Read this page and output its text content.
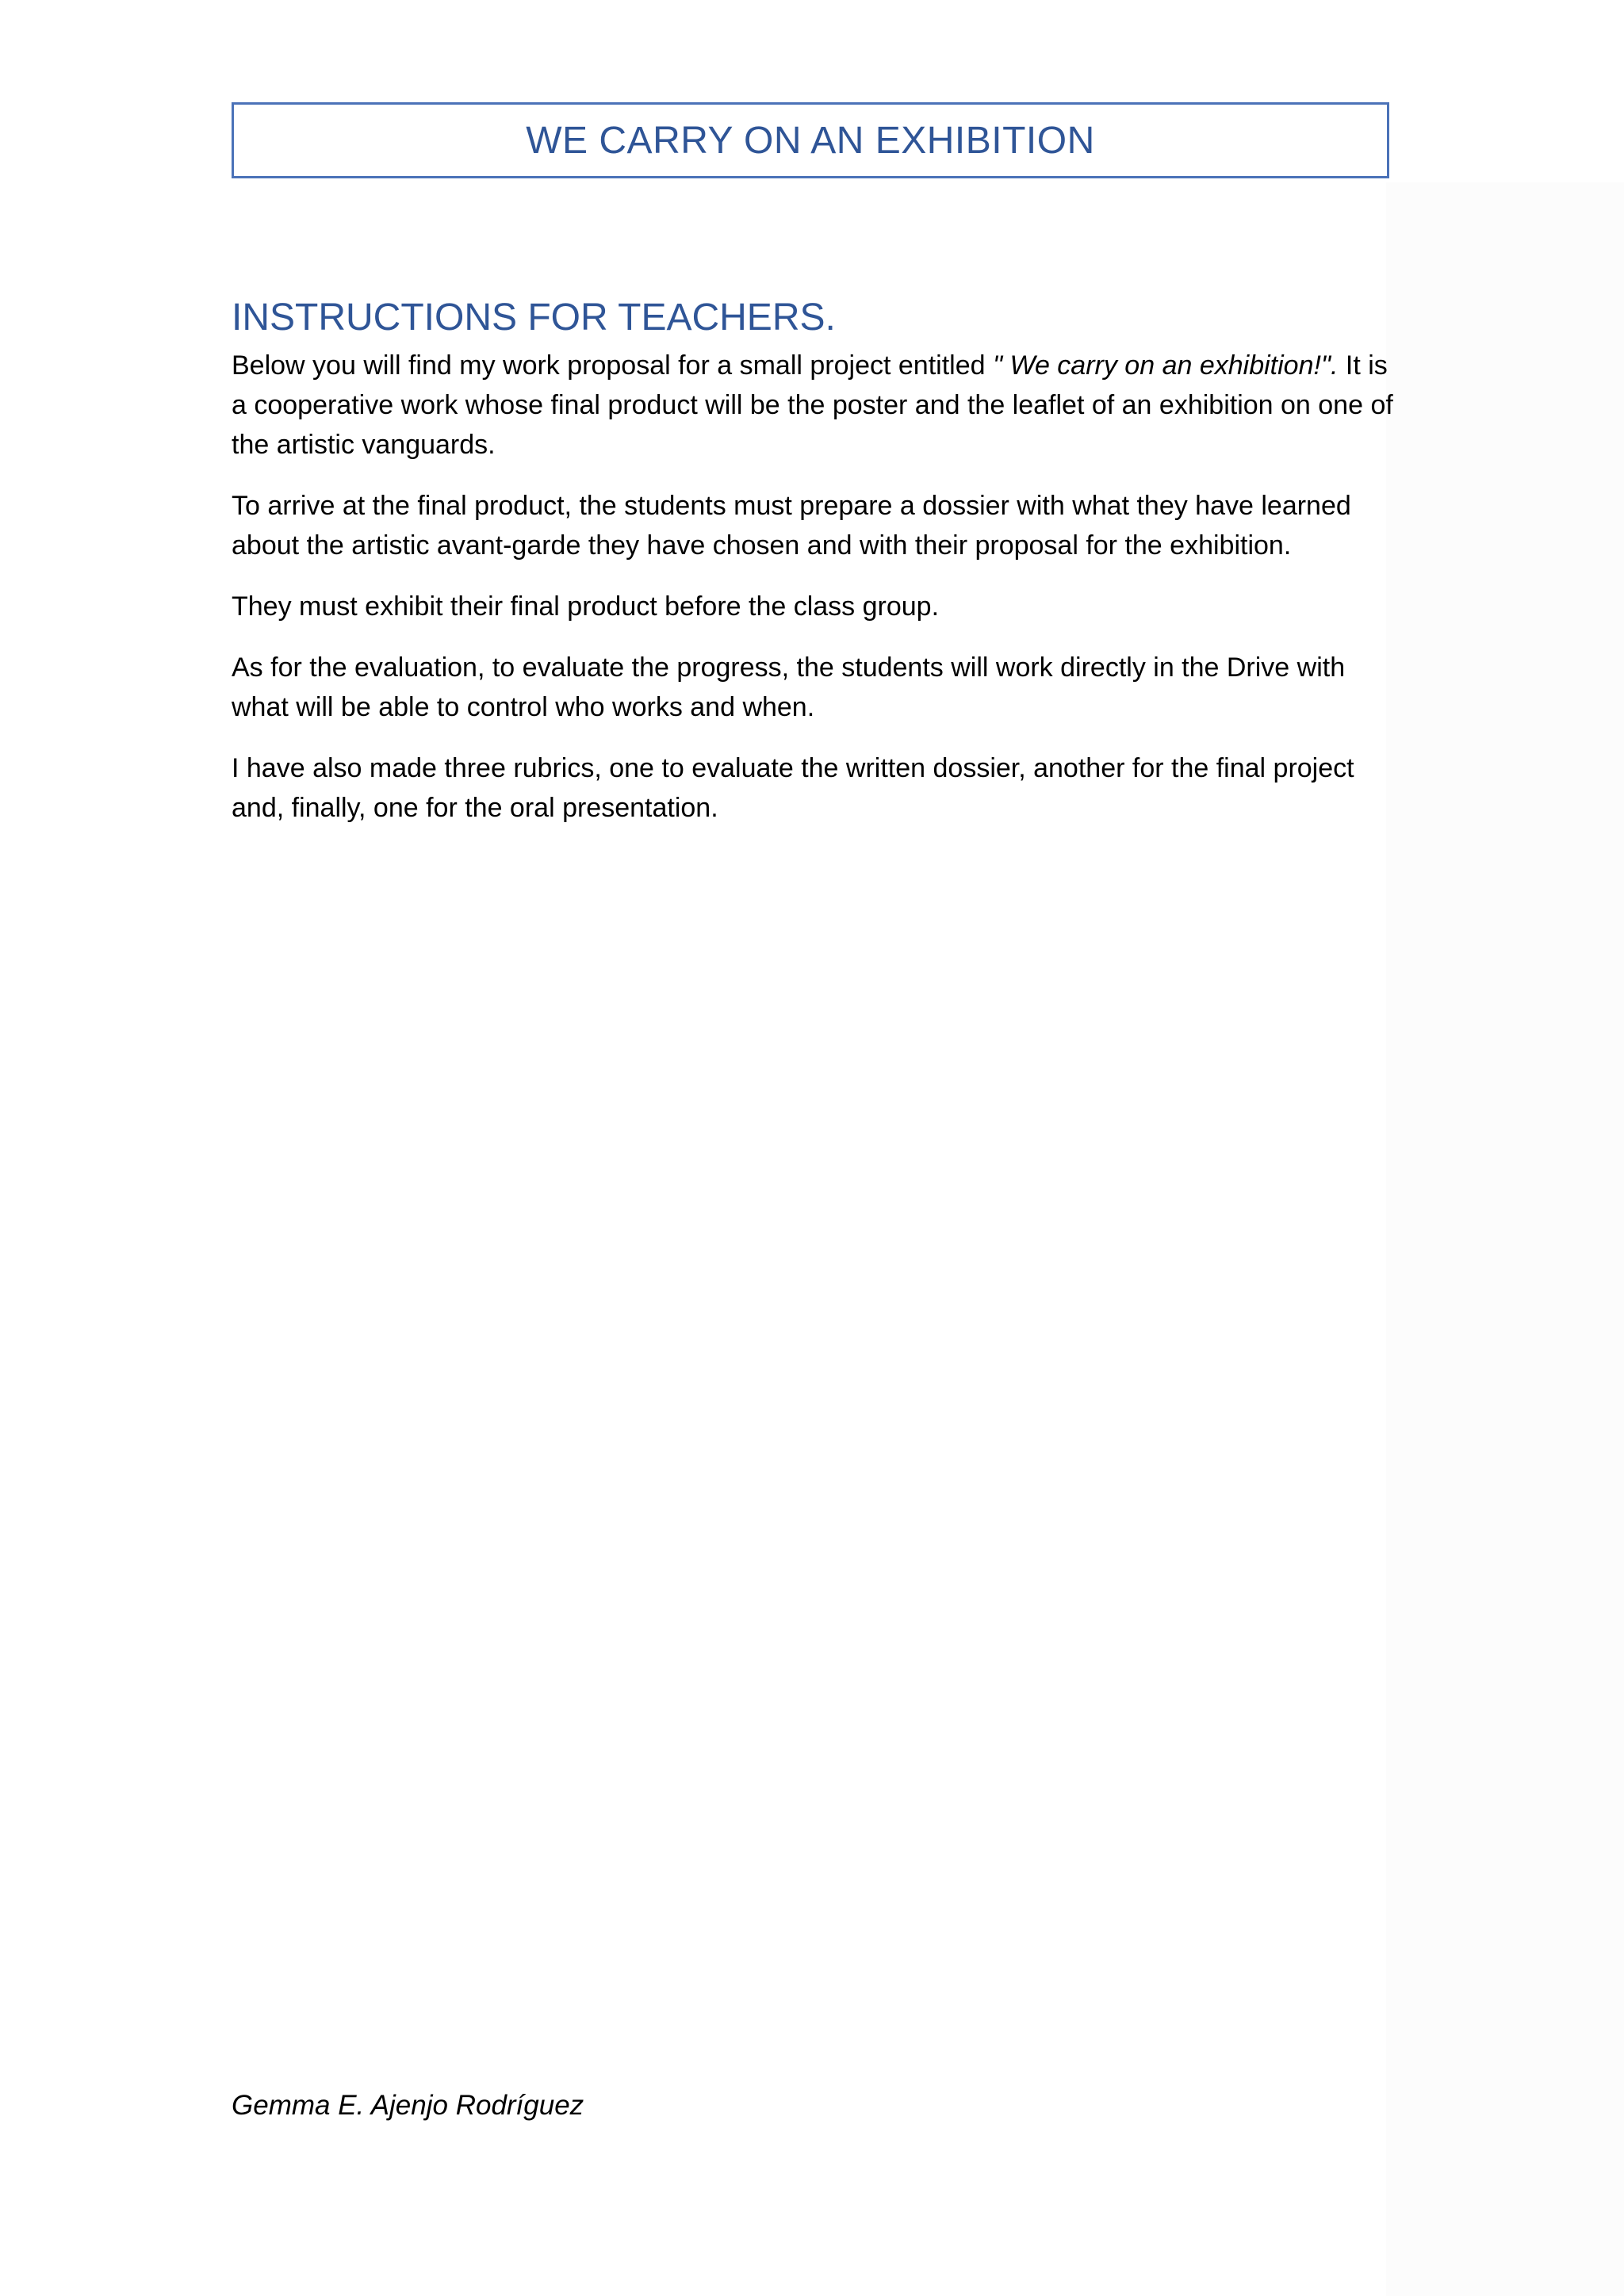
WE CARRY ON AN EXHIBITION
INSTRUCTIONS FOR TEACHERS.

Below you will find my work proposal for a small project entitled " We carry on an exhibition!". It is a cooperative work whose final product will be the poster and the leaflet of an exhibition on one of the artistic vanguards.

To arrive at the final product, the students must prepare a dossier with what they have learned about the artistic avant-garde they have chosen and with their proposal for the exhibition.

They must exhibit their final product before the class group.

As for the evaluation, to evaluate the progress, the students will work directly in the Drive with what will be able to control who works and when.

I have also made three rubrics, one to evaluate the written dossier, another for the final project and, finally, one for the oral presentation.

Gemma E. Ajenjo Rodríguez
